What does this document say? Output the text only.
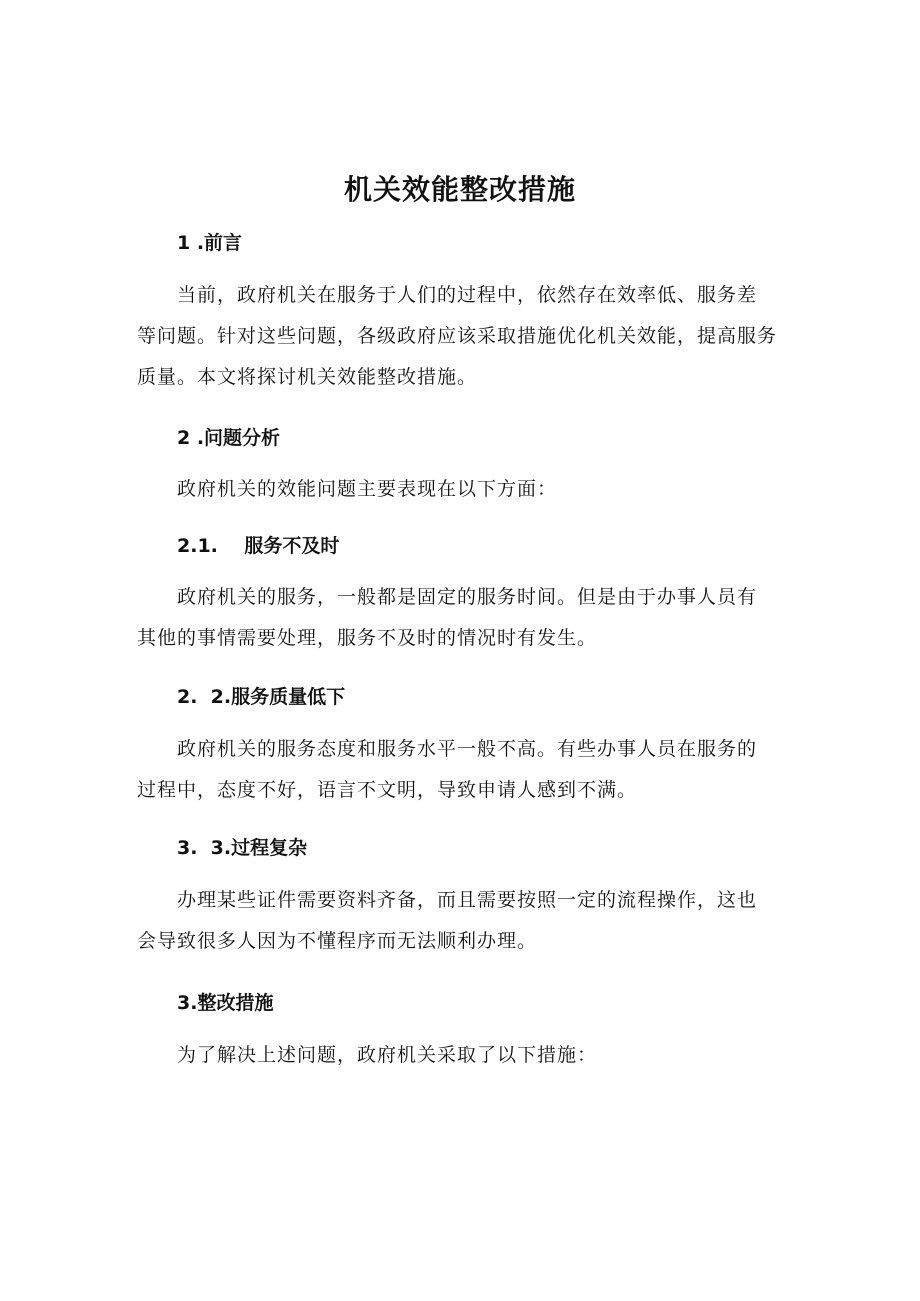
机关效能整改措施
1 .前言
当前，政府机关在服务于人们的过程中，依然存在效率低、服务差
等问题。针对这些问题，各级政府应该采取措施优化机关效能，提高服务
质量。本文将探讨机关效能整改措施。
2 .问题分析
政府机关的效能问题主要表现在以下方面：
2.1.    服务不及时
政府机关的服务，一般都是固定的服务时间。但是由于办事人员有
其他的事情需要处理，服务不及时的情况时有发生。
2.  2.服务质量低下
政府机关的服务态度和服务水平一般不高。有些办事人员在服务的
过程中，态度不好，语言不文明，导致申请人感到不满。
3.  3.过程复杂
办理某些证件需要资料齐备，而且需要按照一定的流程操作，这也
会导致很多人因为不懂程序而无法顺利办理。
3.整改措施
为了解决上述问题，政府机关采取了以下措施：
